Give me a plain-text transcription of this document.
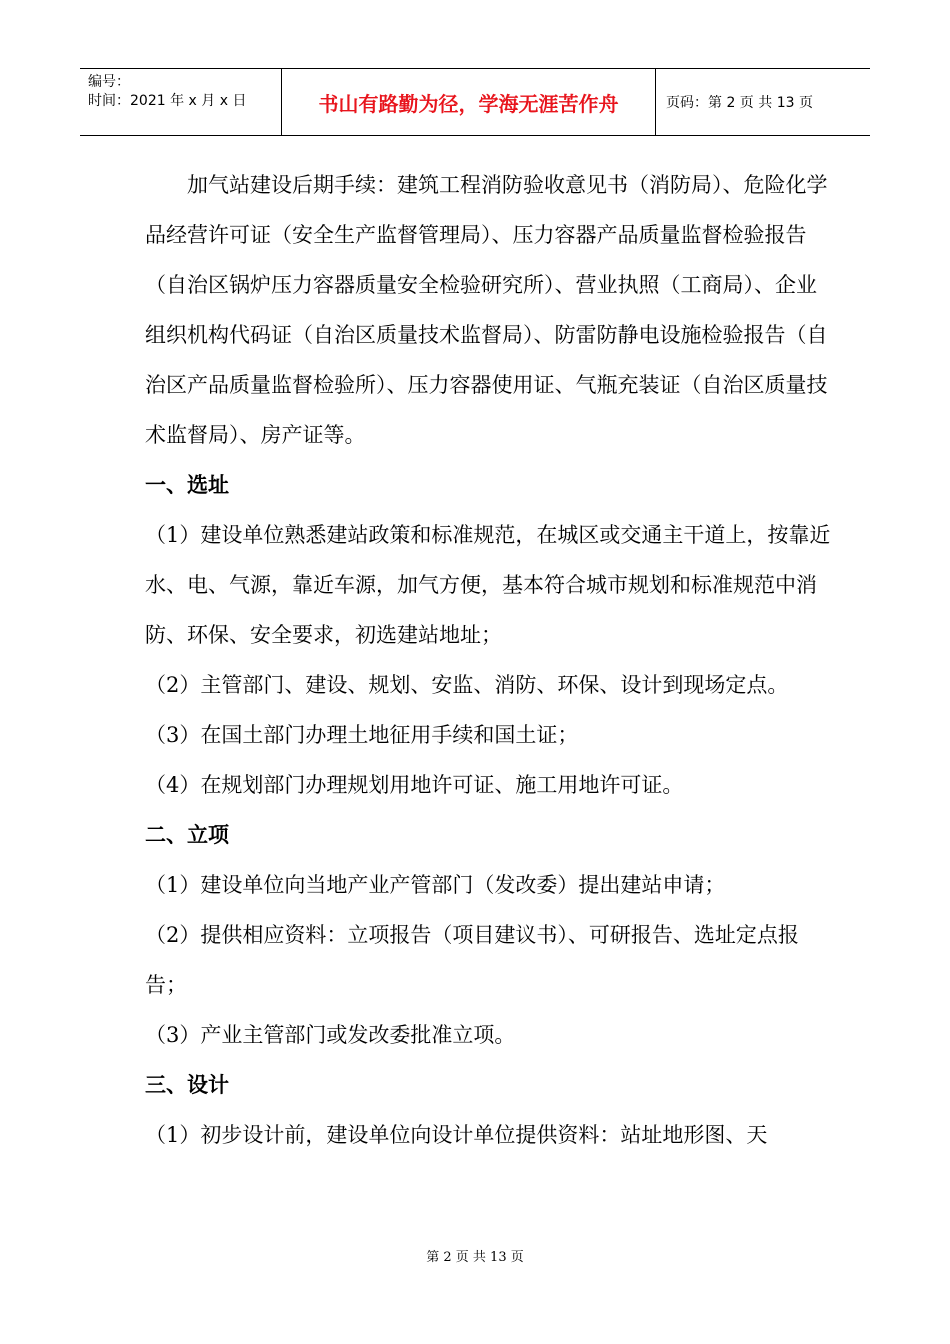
编号：
时间：2021 年 x 月 x 日	书山有路勤为径，学海无涯苦作舟	页码：第 2 页 共 13 页

加气站建设后期手续：建筑工程消防验收意见书（消防局）、危险化学品经营许可证（安全生产监督管理局）、压力容器产品质量监督检验报告（自治区锅炉压力容器质量安全检验研究所）、营业执照（工商局）、企业组织机构代码证（自治区质量技术监督局）、防雷防静电设施检验报告（自治区产品质量监督检验所）、压力容器使用证、气瓶充装证（自治区质量技术监督局）、房产证等。

一、选址

（1）建设单位熟悉建站政策和标准规范，在城区或交通主干道上，按靠近水、电、气源，靠近车源，加气方便，基本符合城市规划和标准规范中消防、环保、安全要求，初选建站地址；

（2）主管部门、建设、规划、安监、消防、环保、设计到现场定点。

（3）在国土部门办理土地征用手续和国土证；

（4）在规划部门办理规划用地许可证、施工用地许可证。

二、立项

（1）建设单位向当地产业产管部门（发改委）提出建站申请；

（2）提供相应资料：立项报告（项目建议书）、可研报告、选址定点报告；

（3）产业主管部门或发改委批准立项。

三、设计

（1）初步设计前，建设单位向设计单位提供资料：站址地形图、天

第 2 页 共 13 页
